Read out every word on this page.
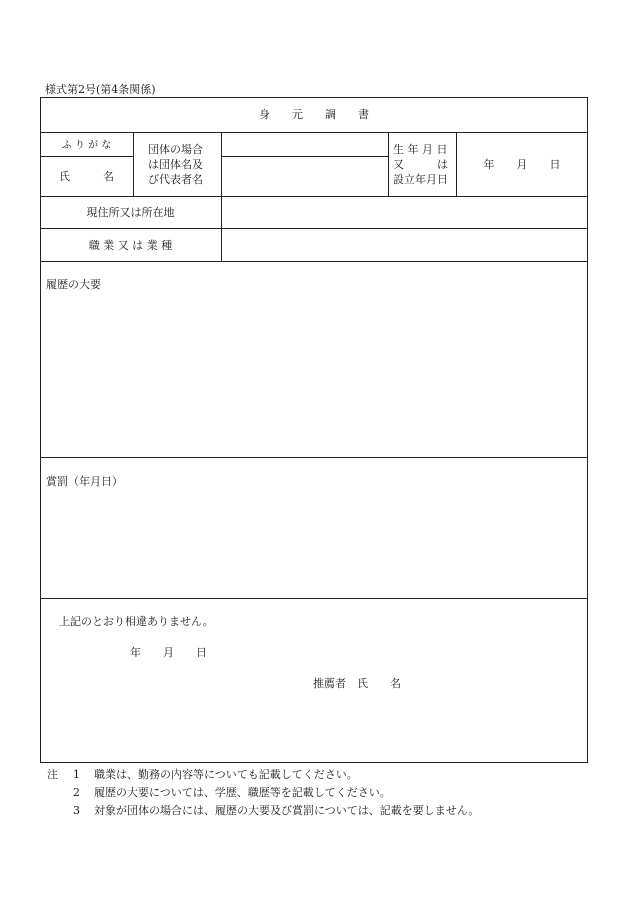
様式第2号(第4条関係)
身　　元　　調　　書
ふ り が な
氏　　　名
団体の場合
は団体名及
び代表者名
生 年 月 日
又　　　は
設立年月日
年　　月　　日
現住所又は所在地
職 業 又 は 業 種
履歴の大要
賞罰（年月日）
上記のとおり相違ありません。
年　　月　　日
推薦者　氏　　名
注 1 職業は、勤務の内容等についても記載してください。
2 履歴の大要については、学歴、職歴等を記載してください。
3 対象が団体の場合には、履歴の大要及び賞罰については、記載を要しません。
